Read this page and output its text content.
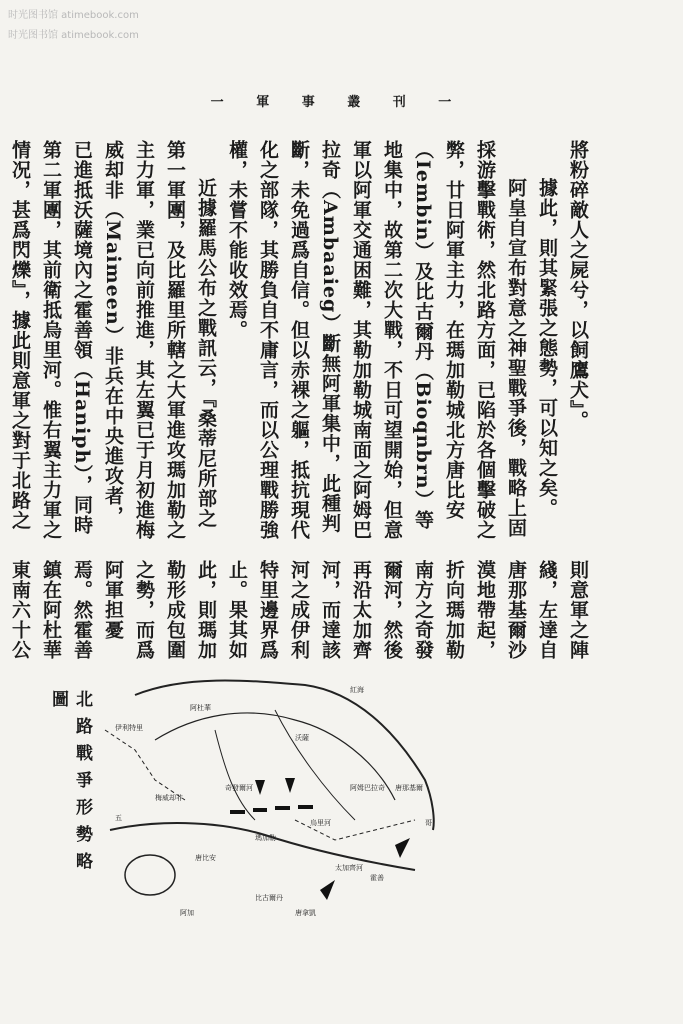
时光图书馆 atimebook.com
时光图书馆 atimebook.com
一 軍 事 叢 刊 一

將粉碎敵人之屍兮，以飼鷹犬』。

據此，則其緊張之態勢，可以知之矣。

阿皇自宣布對意之神聖戰爭後，戰略上固採游擊戰術，然北路方面，已陷於各個擊破之弊，廿日阿軍主力，在瑪加勒城北方唐比安（Iembin）及比古爾丹（Bioqnbrn）等地集中，故第二次大戰，不日可望開始，但意軍以阿軍交通困難，其勒加勒城南面之阿姆巴拉奇（Ambaaieg）斷無阿軍集中，此種判斷，未免過爲自信。但以赤裸之軀，抵抗現代化之部隊，其勝負自不庸言，而以公理戰勝強權，未嘗不能收效焉。

近據羅馬公布之戰訊云，『桑蒂尼所部之第一軍團，及比羅里所轄之大軍進攻瑪加勒之主力軍，業已向前推進，其左翼已于月初進梅威却非（Maimeen）非兵在中央進攻者，已進抵沃薩境內之霍善領（Haniph），同時第二軍團，其前衛抵烏里河。惟右翼主力軍之情况，甚爲閃爍』，據此則意軍之對于北路之

則意軍之陣綫，左達自唐那基爾沙漠地帶起，折向瑪加勒南方之奇發爾河，然後再沿太加齊河，而達該河之成伊利特里邊界爲止。果其如此，則瑪加勒形成包圍之勢，而爲阿軍担憂焉。然霍善鎮在阿杜華東南六十公

北路戰爭形勢略圖	紅海
阿杜華
沃薩
瑪加勒
烏里河
唐比安
比古爾丹
阿姆巴拉奇 唐那基爾
奇發爾河
太加齊河
伊利特里
霍善
梅威却非
唐拿凱
阿加
哥
五
